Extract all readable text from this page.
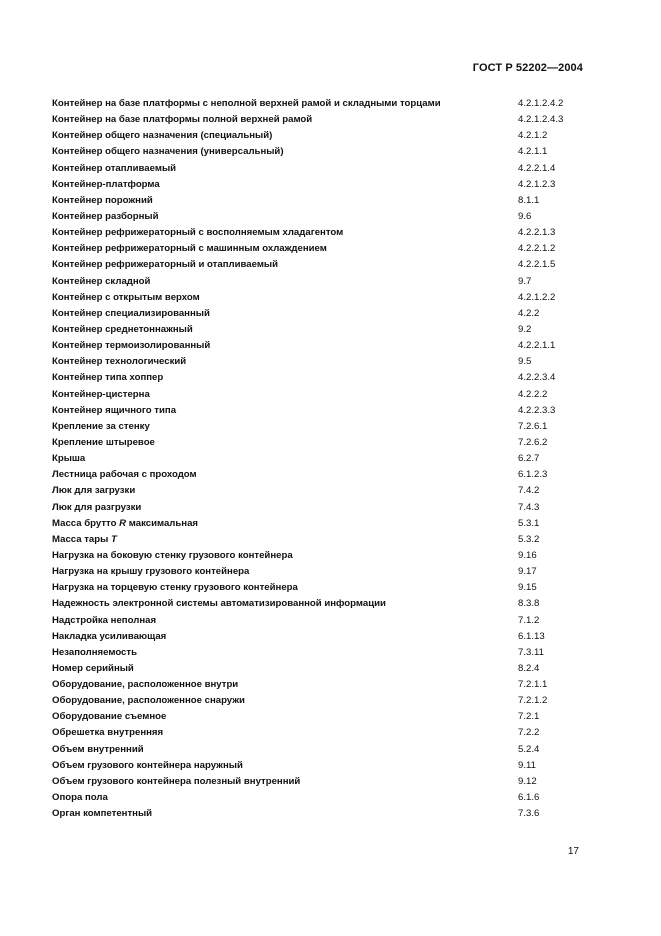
ГОСТ Р 52202—2004
Контейнер на базе платформы с неполной верхней рамой и складными торцами	4.2.1.2.4.2
Контейнер на базе платформы полной верхней рамой	4.2.1.2.4.3
Контейнер общего назначения (специальный)	4.2.1.2
Контейнер общего назначения (универсальный)	4.2.1.1
Контейнер отапливаемый	4.2.2.1.4
Контейнер-платформа	4.2.1.2.3
Контейнер порожний	8.1.1
Контейнер разборный	9.6
Контейнер рефрижераторный с восполняемым хладагентом	4.2.2.1.3
Контейнер рефрижераторный с машинным охлаждением	4.2.2.1.2
Контейнер рефрижераторный и отапливаемый	4.2.2.1.5
Контейнер складной	9.7
Контейнер с открытым верхом	4.2.1.2.2
Контейнер специализированный	4.2.2
Контейнер среднетоннажный	9.2
Контейнер термоизолированный	4.2.2.1.1
Контейнер технологический	9.5
Контейнер типа хоппер	4.2.2.3.4
Контейнер-цистерна	4.2.2.2
Контейнер ящичного типа	4.2.2.3.3
Крепление за стенку	7.2.6.1
Крепление штыревое	7.2.6.2
Крыша	6.2.7
Лестница рабочая с проходом	6.1.2.3
Люк для загрузки	7.4.2
Люк для разгрузки	7.4.3
Масса брутто R максимальная	5.3.1
Масса тары T	5.3.2
Нагрузка на боковую стенку грузового контейнера	9.16
Нагрузка на крышу грузового контейнера	9.17
Нагрузка на торцевую стенку грузового контейнера	9.15
Надежность электронной системы автоматизированной информации	8.3.8
Надстройка неполная	7.1.2
Накладка усиливающая	6.1.13
Незаполняемость	7.3.11
Номер серийный	8.2.4
Оборудование, расположенное внутри	7.2.1.1
Оборудование, расположенное снаружи	7.2.1.2
Оборудование съемное	7.2.1
Обрешетка внутренняя	7.2.2
Объем внутренний	5.2.4
Объем грузового контейнера наружный	9.11
Объем грузового контейнера полезный внутренний	9.12
Опора пола	6.1.6
Орган компетентный	7.3.6
17
